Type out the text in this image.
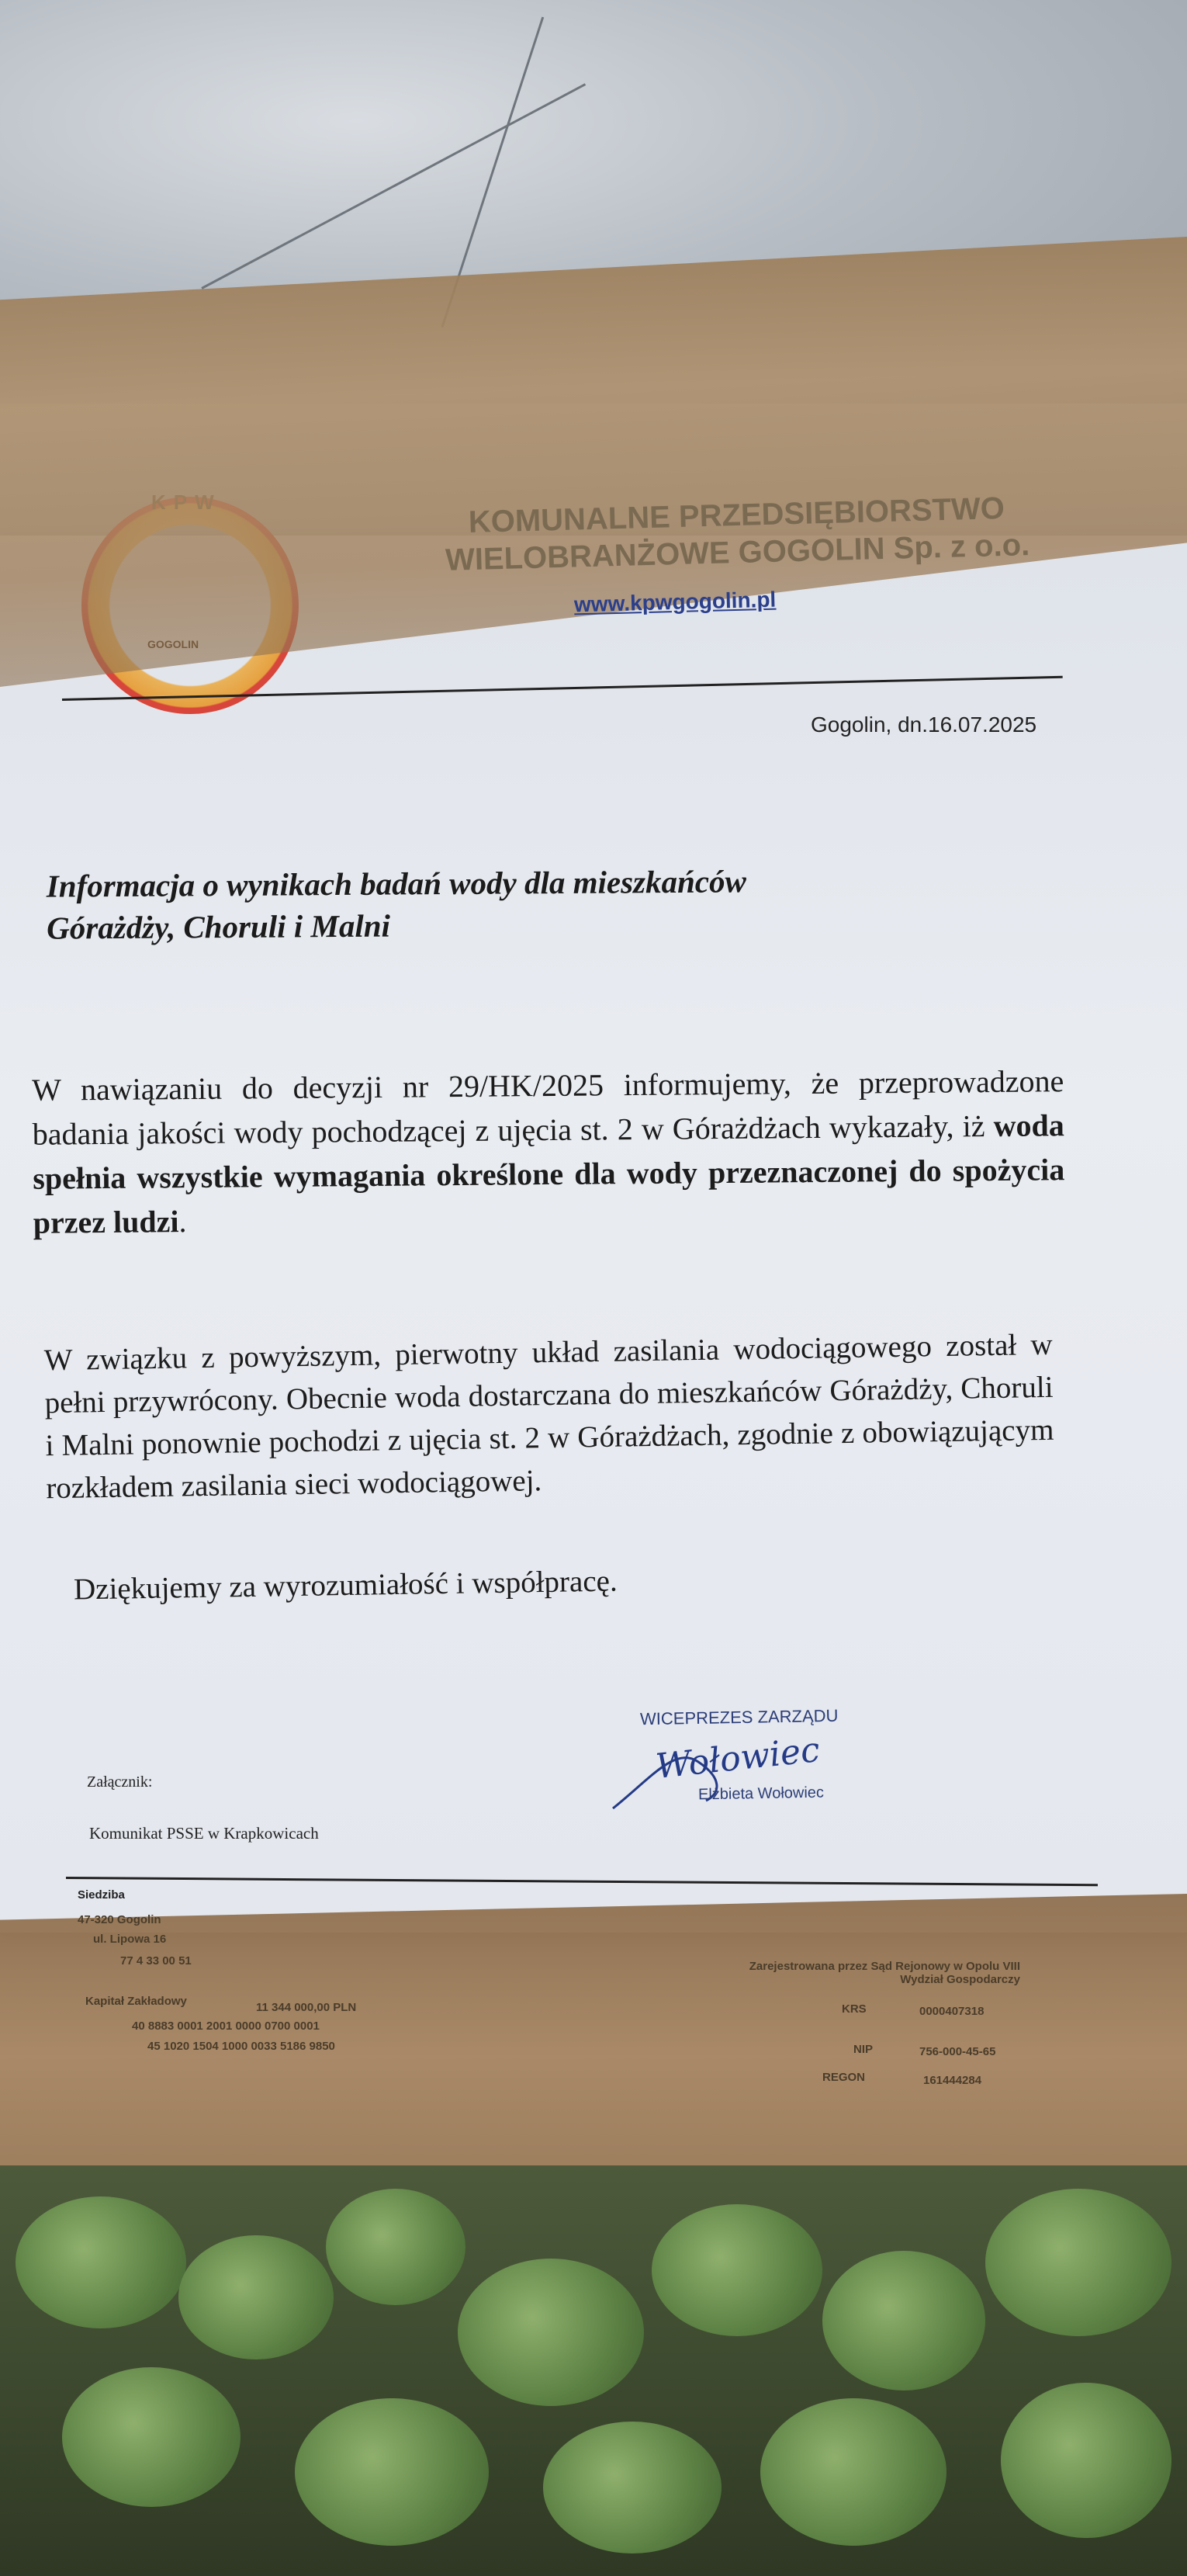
KOMUNALNE PRZEDSIĘBIORSTWO
WIELOBRANŻOWE GOGOLIN Sp. z o.o.
www.kpwgogolin.pl
Gogolin, dn.16.07.2025
Informacja o wynikach badań wody dla mieszkańców
Górażdży, Choruli i Malni
W nawiązaniu do decyzji nr 29/HK/2025 informujemy, że przeprowadzone badania jakości wody pochodzącej z ujęcia st. 2 w Górażdżach wykazały, iż woda spełnia wszystkie wymagania określone dla wody przeznaczonej do spożycia przez ludzi.
W związku z powyższym, pierwotny układ zasilania wodociągowego został w pełni przywrócony. Obecnie woda dostarczana do mieszkańców Górażdży, Choruli i Malni ponownie pochodzi z ujęcia st. 2 w Górażdżach, zgodnie z obowiązującym rozkładem zasilania sieci wodociągowej.
Dziękujemy za wyrozumiałość i współpracę.
WICEPREZES ZARZĄDU
Wołowiec
Elżbieta Wołowiec
Załącznik:
Komunikat PSSE w Krapkowicach
Siedziba
47-320 Gogolin
ul. Lipowa 16
77 4 33 00 51
Kapitał Zakładowy	11 344 000,00 PLN
40 8883 0001 2001 0000 0700 0001
45 1020 1504 1000 0033 5186 9850
Zarejestrowana przez Sąd Rejonowy w Opolu VIII Wydział Gospodarczy
KRS	0000407318
NIP	756-000-45-65
REGON	161444284
